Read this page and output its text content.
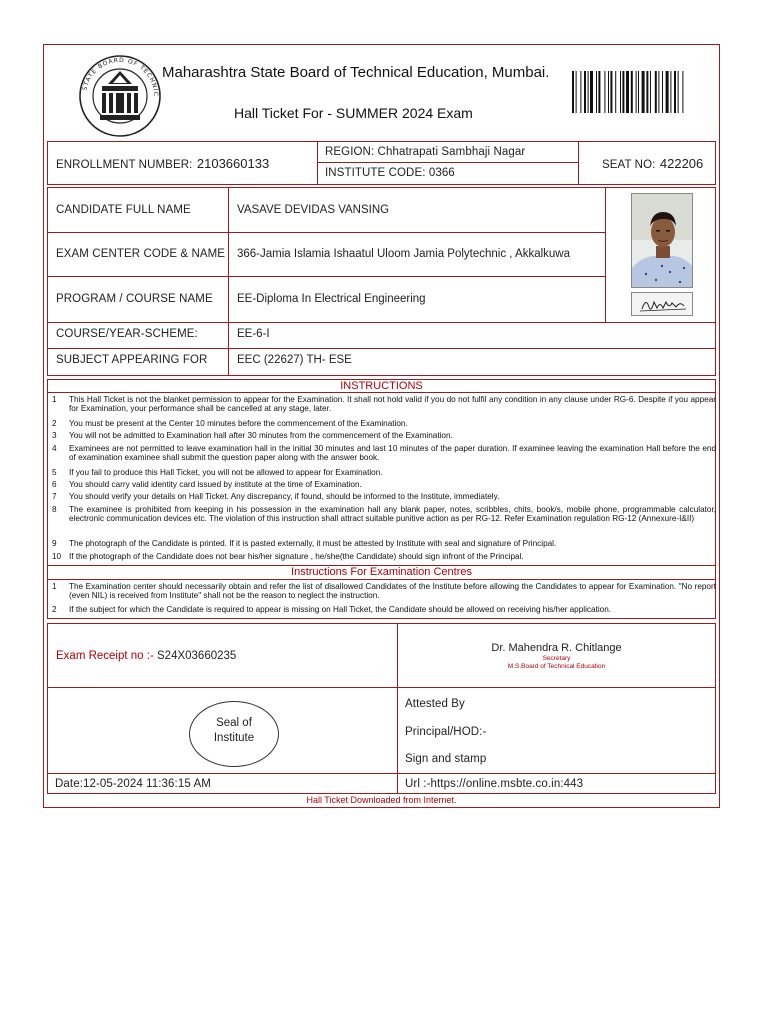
STATE BOARD OF TECHNIC
Maharashtra State Board of Technical Education, Mumbai.
Hall Ticket For - SUMMER 2024 Exam
ENROLLMENT NUMBER: 2103660133
REGION: Chhatrapati Sambhaji Nagar
INSTITUTE CODE: 0366
SEAT NO: 422206
CANDIDATE FULL NAME	VASAVE DEVIDAS VANSING
EXAM CENTER CODE & NAME 366-Jamia Islamia Ishaatul Uloom Jamia Polytechnic , Akkalkuwa
PROGRAM / COURSE NAME EE-Diploma In Electrical Engineering
COURSE/YEAR-SCHEME:	EE-6-I
SUBJECT APPEARING FOR	EEC (22627) TH- ESE
INSTRUCTIONS
1	This Hall Ticket is not the blanket permission to appear for the Examination. It shall not hold valid if you do not fulfil any condition in any clause under RG-6. Despite if you appear for Examination, your performance shall be cancelled at any stage, later.
2	You must be present at the Center 10 minutes before the commencement of the Examination.
3	You will not be admitted to Examination hall after 30 minutes from the commencement of the Examination.
4	Examinees are not permitted to leave examination hall in the initial 30 minutes and last 10 minutes of the paper duration. If examinee leaving the examination Hall before the end of examination examinee shall submit the question paper along with the answer book.
5	If you fail to produce this Hall Ticket, you will not be allowed to appear for Examination.
6	You should carry valid identity card issued by institute at the time of Examination.
7	You should verify your details on Hall Ticket. Any discrepancy, if found, should be informed to the Institute, immediately.
8	The examinee is prohibited from keeping in his possession in the examination hall any blank paper, notes, scribbles, chits, book/s, mobile phone, programmable calculator, electronic communication devices etc. The violation of this instruction shall attract suitable punitive action as per RG-12. Refer Examination regulation RG-12 (Annexure-I&II)
9	The photograph of the Candidate is printed. If it is pasted externally, it must be attested by Institute with seal and signature of Principal.
10 If the photograph of the Candidate does not bear his/her signature , he/she(the Candidate) should sign infront of the Principal.
Instructions For Examination Centres
1	The Examination center should necessarily obtain and refer the list of disallowed Candidates of the Institute before allowing the Candidates to appear for Examination. "No report (even NIL) is received from Institute" shall not be the reason to neglect the instruction.
2	If the subject for which the Candidate is required to appear is missing on Hall Ticket, the Candidate should be allowed on receiving his/her application.
Exam Receipt no :- S24X03660235
Dr. Mahendra R. Chitlange
Secretary
M.S.Board of Technical Education
Seal of Institute
Attested By
Principal/HOD:-
Sign and stamp
Date:12-05-2024 11:36:15 AM	Url :-https://online.msbte.co.in:443
Hall Ticket Downloaded from Internet.
